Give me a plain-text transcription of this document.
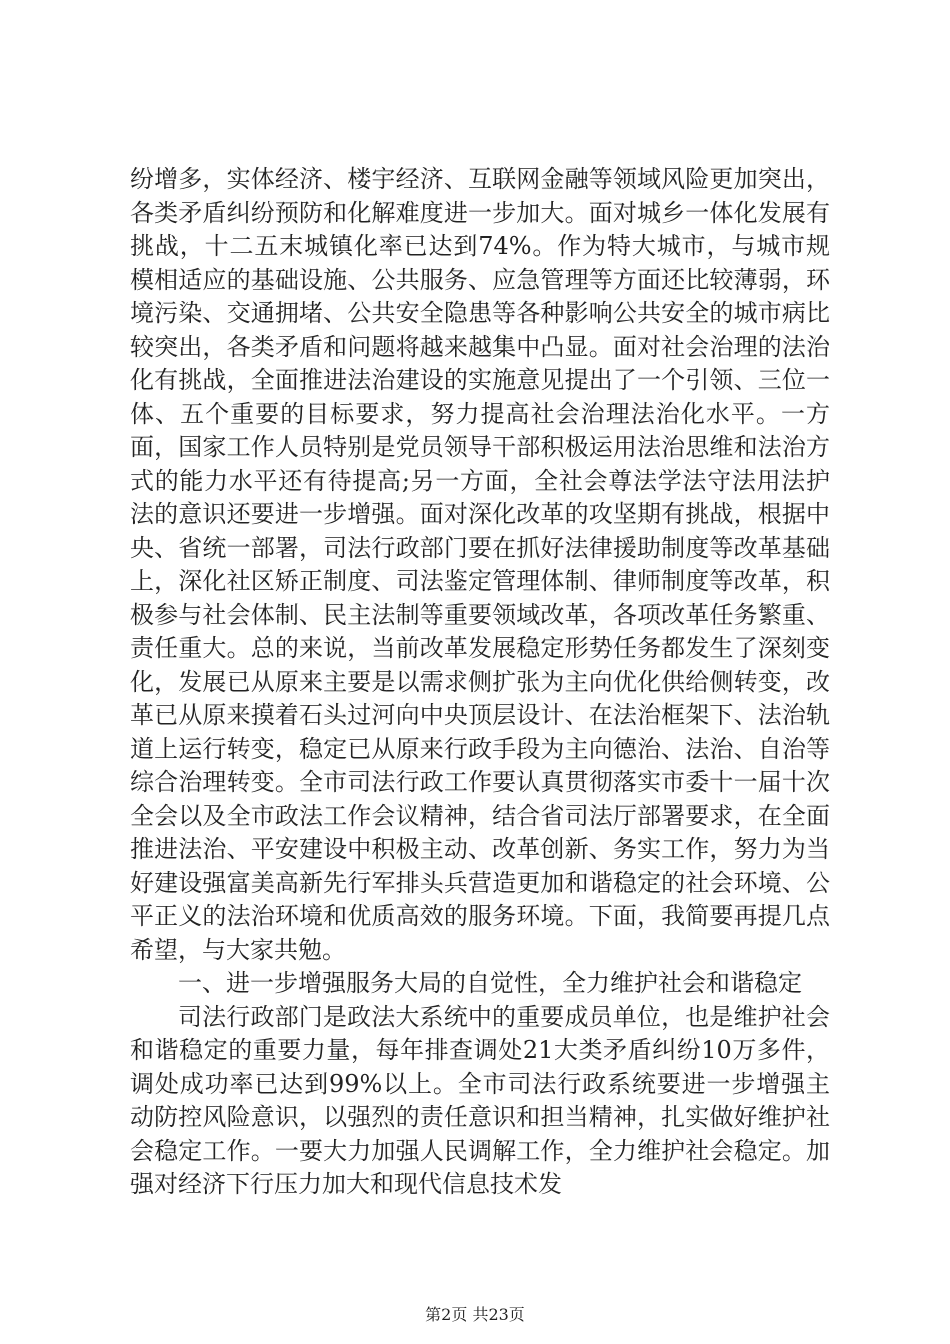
纷增多，实体经济、楼宇经济、互联网金融等领域风险更加突出，各类矛盾纠纷预防和化解难度进一步加大。面对城乡一体化发展有挑战，十二五末城镇化率已达到74%。作为特大城市，与城市规模相适应的基础设施、公共服务、应急管理等方面还比较薄弱，环境污染、交通拥堵、公共安全隐患等各种影响公共安全的城市病比较突出，各类矛盾和问题将越来越集中凸显。面对社会治理的法治化有挑战，全面推进法治建设的实施意见提出了一个引领、三位一体、五个重要的目标要求，努力提高社会治理法治化水平。一方面，国家工作人员特别是党员领导干部积极运用法治思维和法治方式的能力水平还有待提高;另一方面，全社会尊法学法守法用法护法的意识还要进一步增强。面对深化改革的攻坚期有挑战，根据中央、省统一部署，司法行政部门要在抓好法律援助制度等改革基础上，深化社区矫正制度、司法鉴定管理体制、律师制度等改革，积极参与社会体制、民主法制等重要领域改革，各项改革任务繁重、责任重大。总的来说，当前改革发展稳定形势任务都发生了深刻变化，发展已从原来主要是以需求侧扩张为主向优化供给侧转变，改革已从原来摸着石头过河向中央顶层设计、在法治框架下、法治轨道上运行转变，稳定已从原来行政手段为主向德治、法治、自治等综合治理转变。全市司法行政工作要认真贯彻落实市委十一届十次全会以及全市政法工作会议精神，结合省司法厅部署要求，在全面推进法治、平安建设中积极主动、改革创新、务实工作，努力为当好建设强富美高新先行军排头兵营造更加和谐稳定的社会环境、公平正义的法治环境和优质高效的服务环境。下面，我简要再提几点希望，与大家共勉。

一、进一步增强服务大局的自觉性，全力维护社会和谐稳定

司法行政部门是政法大系统中的重要成员单位，也是维护社会和谐稳定的重要力量，每年排查调处21大类矛盾纠纷10万多件，调处成功率已达到99%以上。全市司法行政系统要进一步增强主动防控风险意识，以强烈的责任意识和担当精神，扎实做好维护社会稳定工作。一要大力加强人民调解工作，全力维护社会稳定。加强对经济下行压力加大和现代信息技术发

第2页 共23页
